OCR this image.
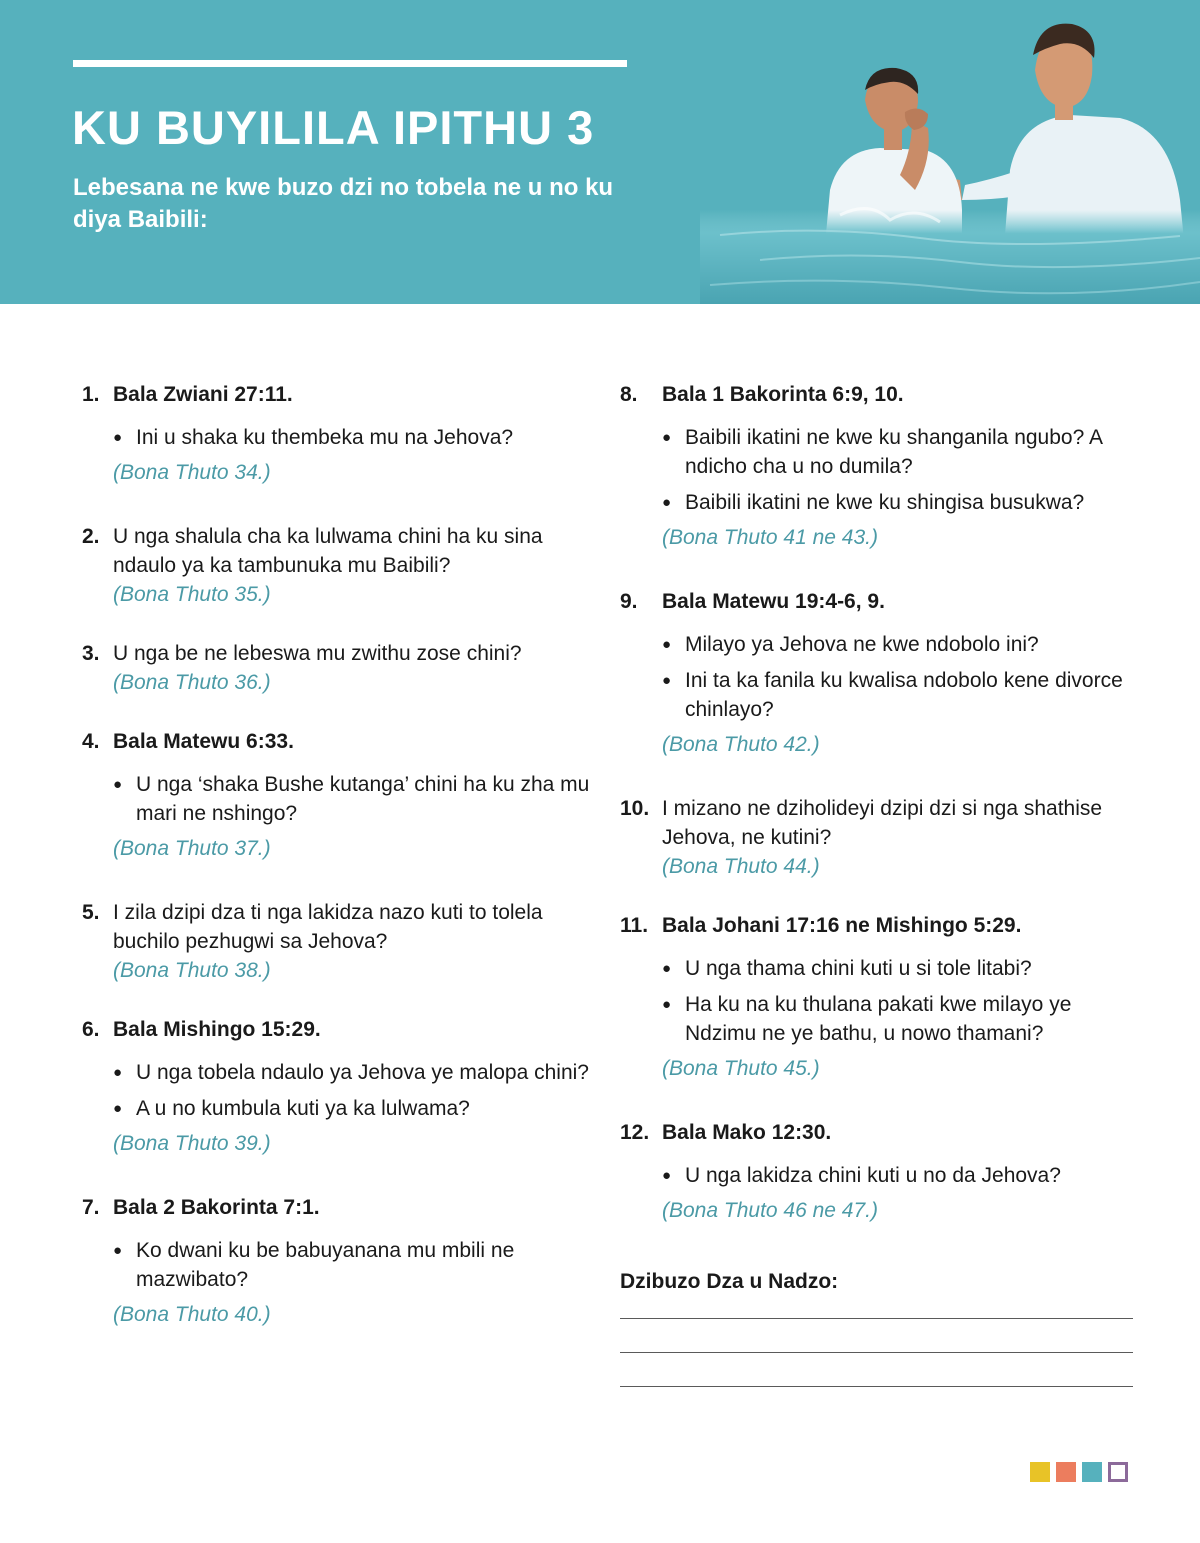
KU BUYILILA IPITHU 3
Lebesana ne kwe buzo dzi no tobela ne u no ku diya Baibili:
1. Bala Zwiani 27:11.
● Ini u shaka ku thembeka mu na Jehova?
(Bona Thuto 34.)
2. U nga shalula cha ka lulwama chini ha ku sina ndaulo ya ka tambunuka mu Baibili?
(Bona Thuto 35.)
3. U nga be ne lebeswa mu zwithu zose chini?
(Bona Thuto 36.)
4. Bala Matewu 6:33.
● U nga ‘shaka Bushe kutanga’ chini ha ku zha mu mari ne nshingo?
(Bona Thuto 37.)
5. I zila dzipi dza ti nga lakidza nazo kuti to tolela buchilo pezhugwi sa Jehova?
(Bona Thuto 38.)
6. Bala Mishingo 15:29.
● U nga tobela ndaulo ya Jehova ye malopa chini?
● A u no kumbula kuti ya ka lulwama?
(Bona Thuto 39.)
7. Bala 2 Bakorinta 7:1.
● Ko dwani ku be babuyanana mu mbili ne mazwibato?
(Bona Thuto 40.)
8.	Bala 1 Bakorinta 6:9, 10.
● Baibili ikatini ne kwe ku shanganila ngubo? A ndicho cha u no dumila?
● Baibili ikatini ne kwe ku shingisa busukwa?
(Bona Thuto 41 ne 43.)
9.	Bala Matewu 19:4-6, 9.
● Milayo ya Jehova ne kwe ndobolo ini?
● Ini ta ka fanila ku kwalisa ndobolo kene divorce chinlayo?
(Bona Thuto 42.)
10. I mizano ne dziholideyi dzipi dzi si nga shathise Jehova, ne kutini?
(Bona Thuto 44.)
11. Bala Johani 17:16 ne Mishingo 5:29.
● U nga thama chini kuti u si tole litabi?
● Ha ku na ku thulana pakati kwe milayo ye Ndzimu ne ye bathu, u nowo thamani?
(Bona Thuto 45.)
12. Bala Mako 12:30.
● U nga lakidza chini kuti u no da Jehova?
(Bona Thuto 46 ne 47.)
Dzibuzo Dza u Nadzo:
